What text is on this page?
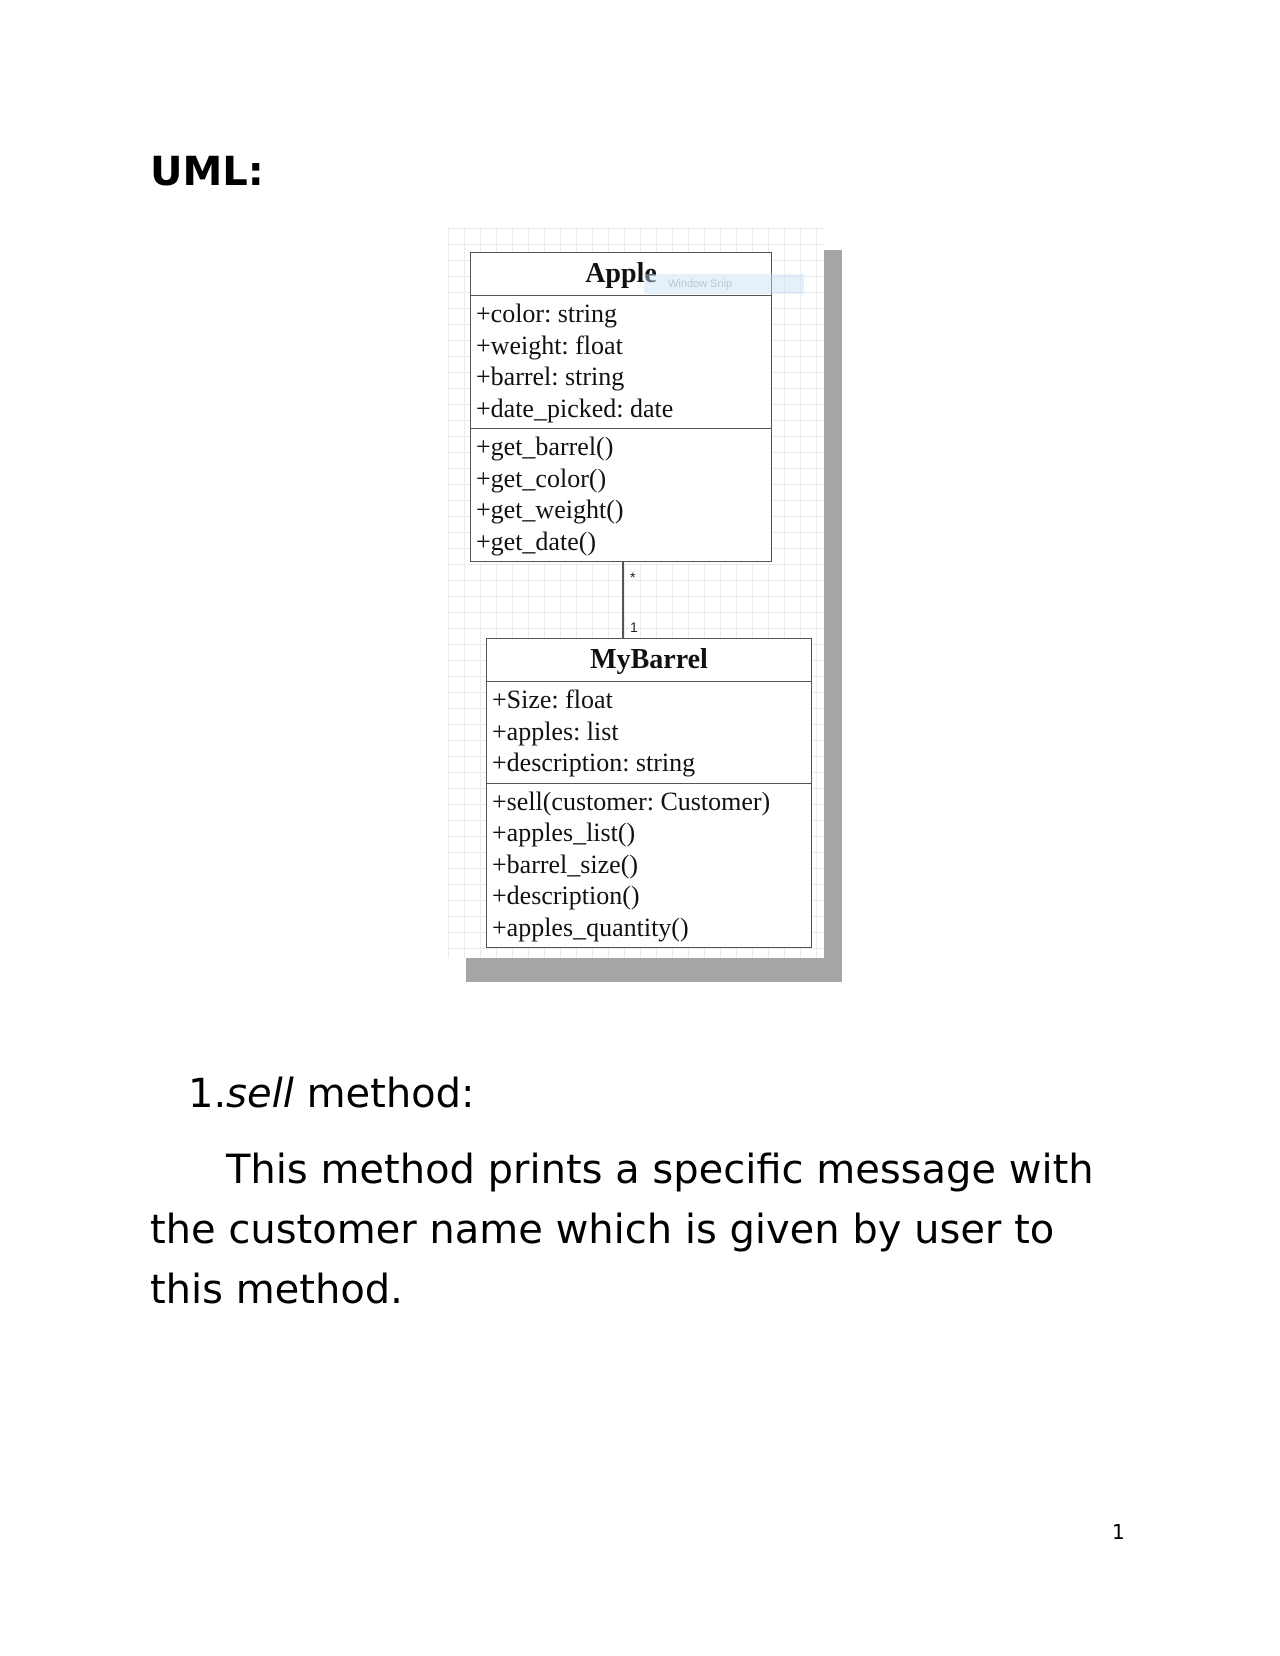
UML:
Apple
+color: string
+weight: float
+barrel: string
+date_picked: date
+get_barrel()
+get_color()
+get_weight()
+get_date()
Window Snip
*
1
MyBarrel
+Size: float
+apples: list
+description: string
+sell(customer: Customer)
+apples_list()
+barrel_size()
+description()
+apples_quantity()

1.sell method:

This method prints a specific message with the customer name which is given by user to this method.

1
